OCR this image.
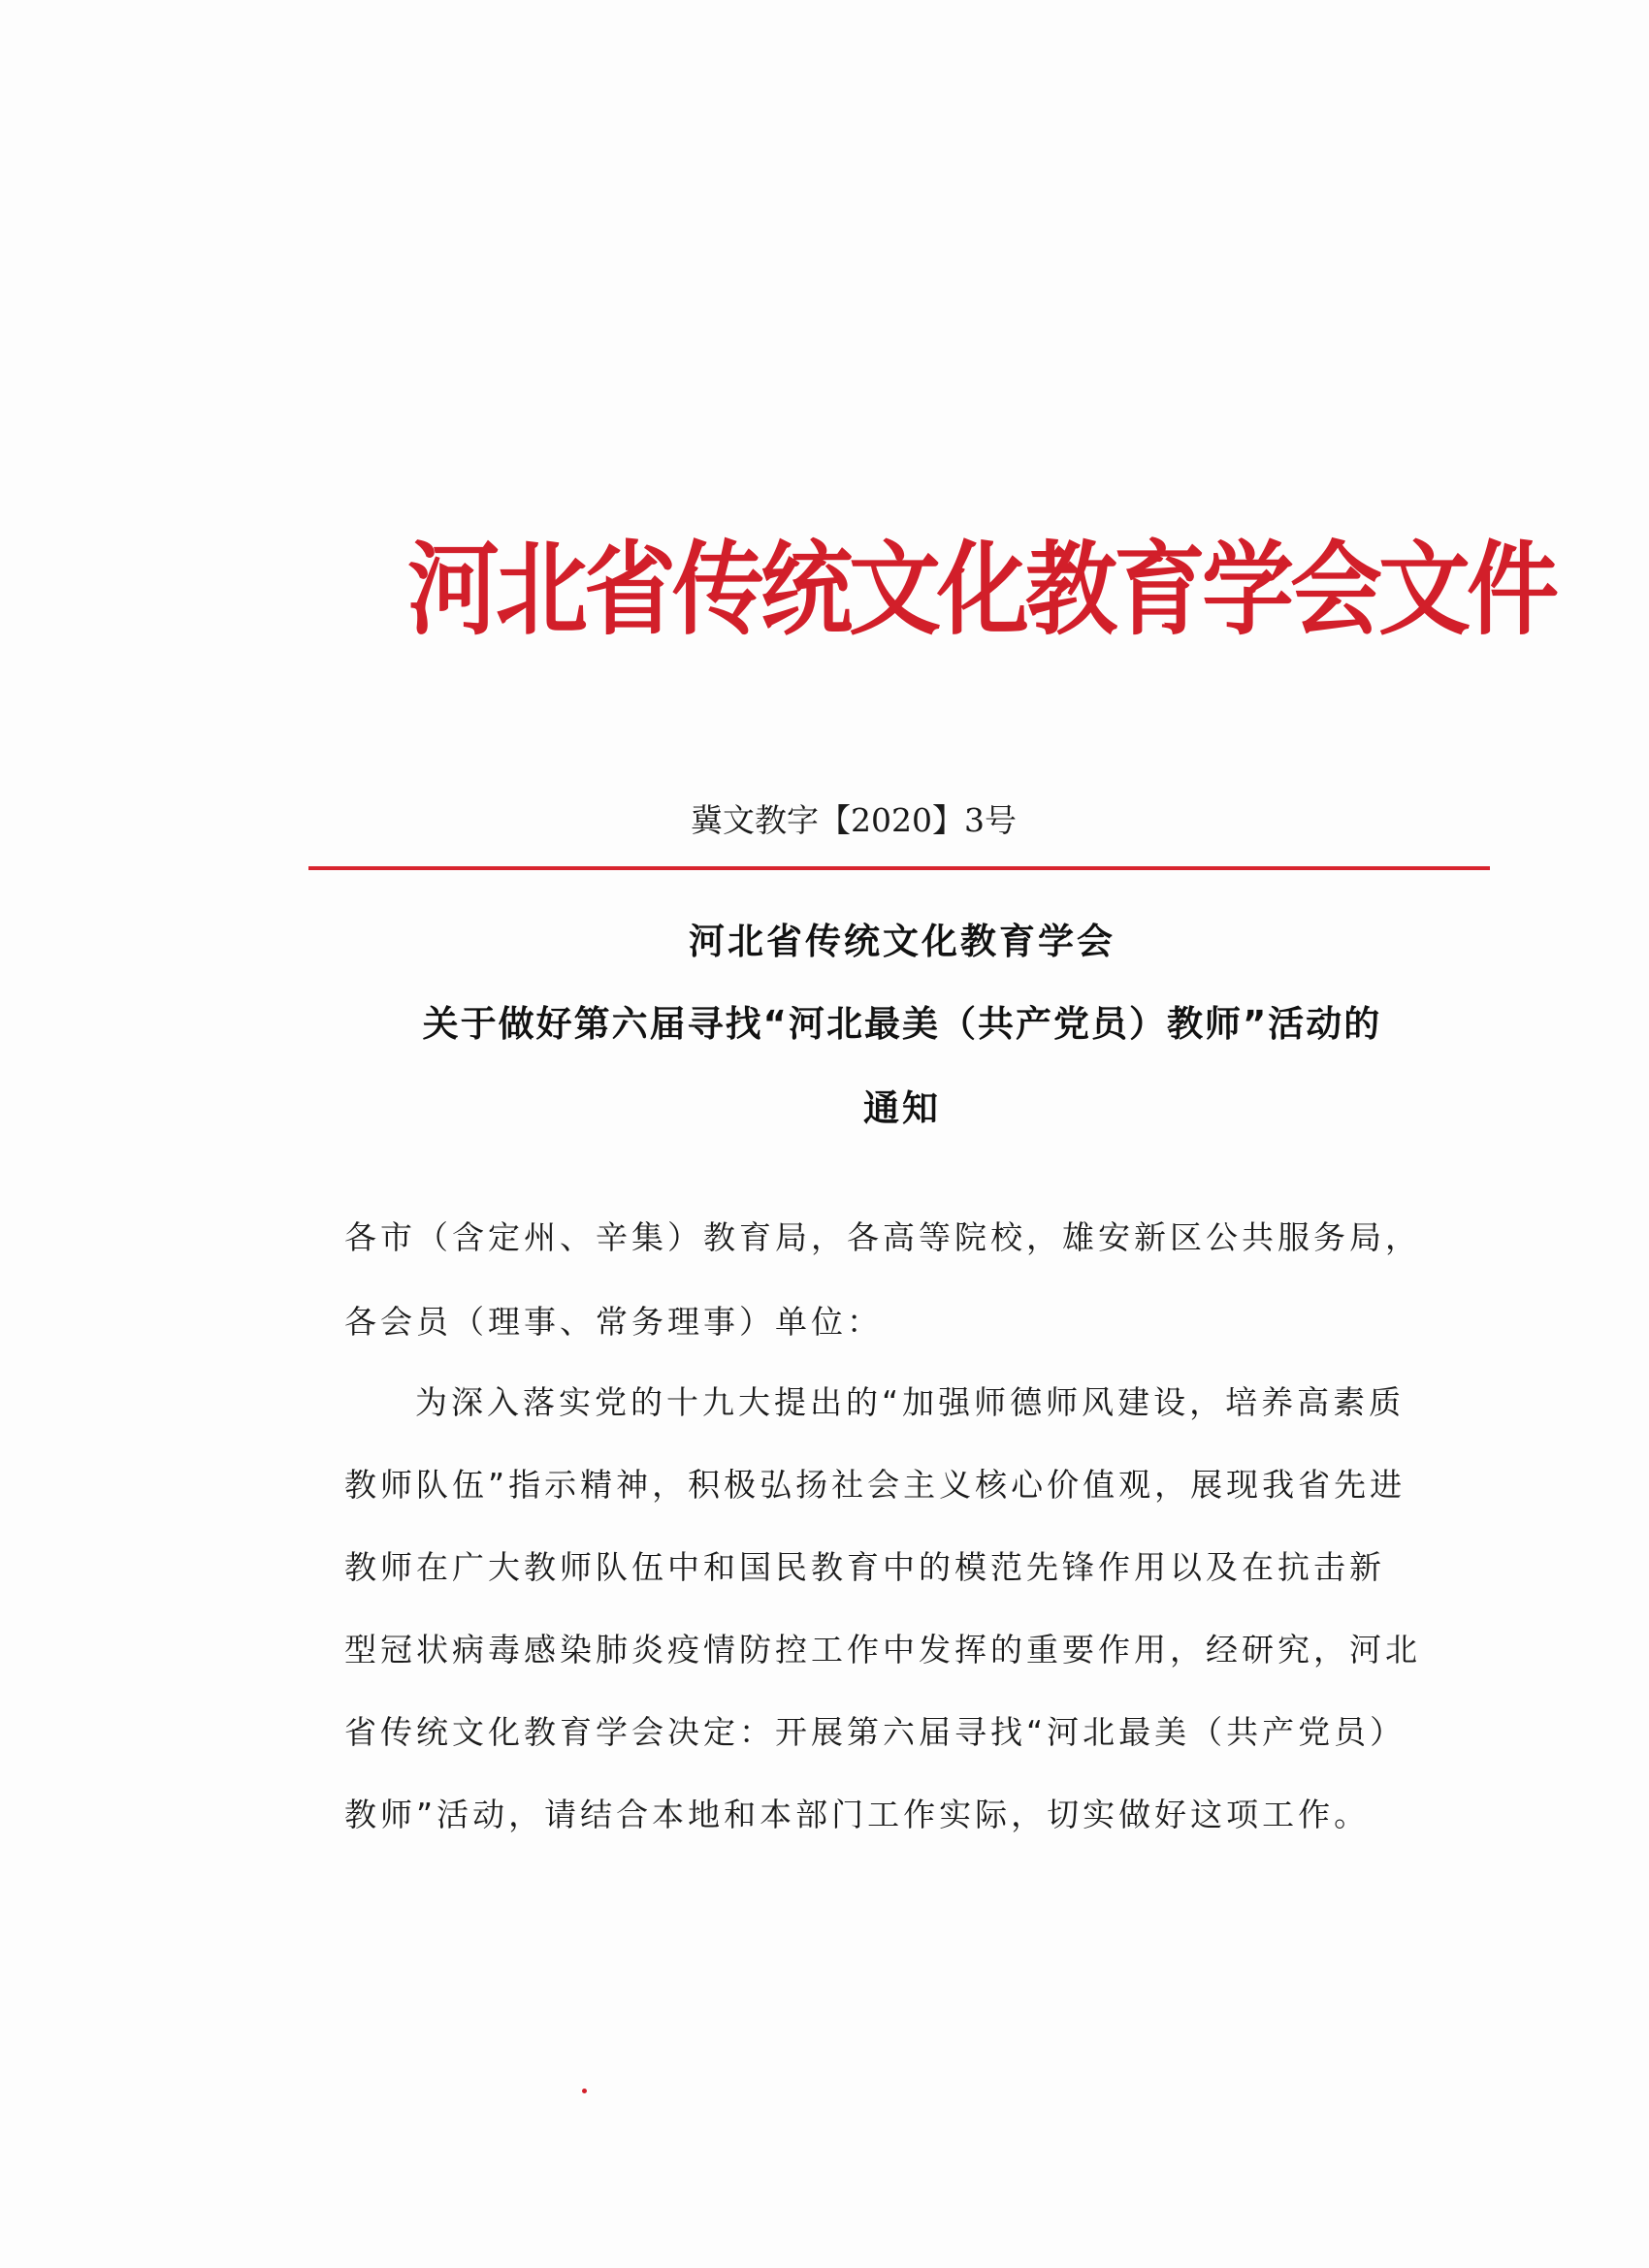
河北省传统文化教育学会文件
冀文教字【2020】3号
河北省传统文化教育学会
关于做好第六届寻找“河北最美（共产党员）教师”活动的
通知
各市（含定州、辛集）教育局，各高等院校，雄安新区公共服务局，
各会员（理事、常务理事）单位：
为深入落实党的十九大提出的“加强师德师风建设，培养高素质
教师队伍”指示精神，积极弘扬社会主义核心价值观，展现我省先进
教师在广大教师队伍中和国民教育中的模范先锋作用以及在抗击新
型冠状病毒感染肺炎疫情防控工作中发挥的重要作用，经研究，河北
省传统文化教育学会决定：开展第六届寻找“河北最美（共产党员）
教师”活动，请结合本地和本部门工作实际，切实做好这项工作。
